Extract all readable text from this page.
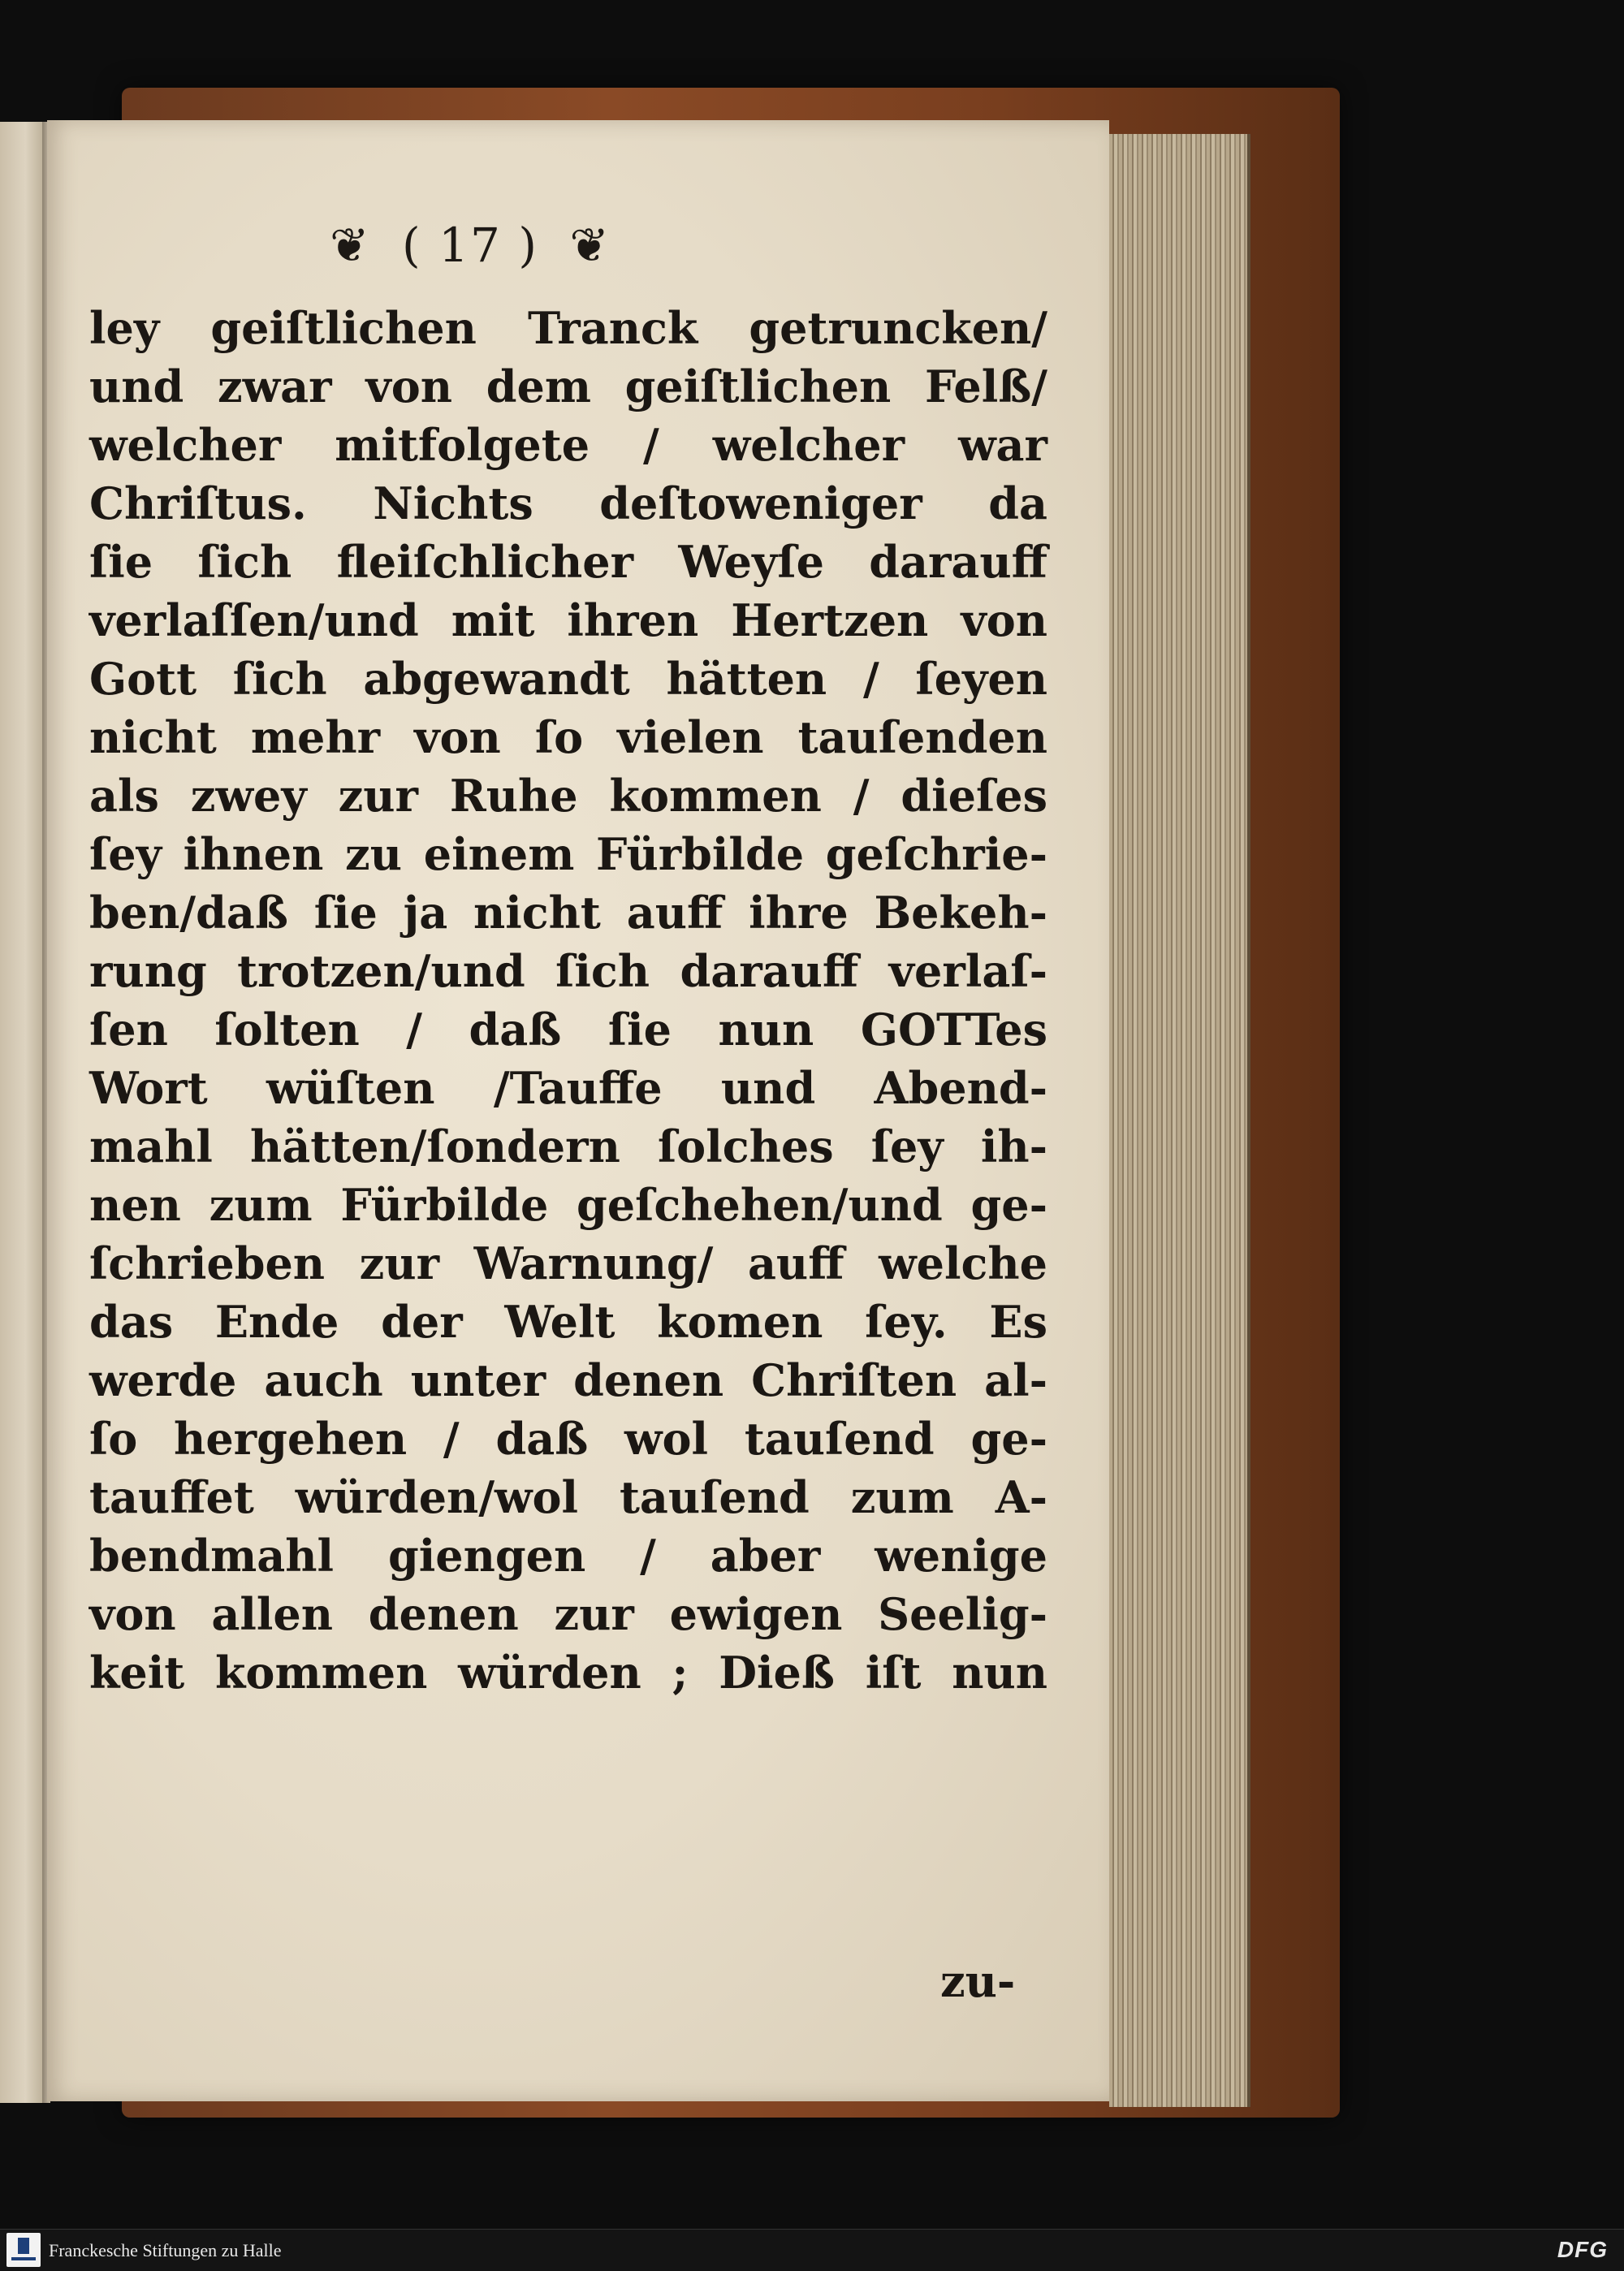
❦ ( 17 ) ❦
ley geiſtlichen Tranck getruncken/
und zwar von dem geiſtlichen Felß/
welcher mitfolgete / welcher war
Chriſtus. Nichts deſtoweniger da
ſie ſich fleiſchlicher Weyſe darauff
verlaſſen/und mit ihren Hertzen von
Gott ſich abgewandt hätten / ſeyen
nicht mehr von ſo vielen tauſenden
als zwey zur Ruhe kommen / dieſes
ſey ihnen zu einem Fürbilde geſchrie-
ben/daß ſie ja nicht auff ihre Bekeh-
rung trotzen/und ſich darauff verlaſ-
ſen ſolten / daß ſie nun GOTTes
Wort wüſten /Tauffe und Abend-
mahl hätten/ſondern ſolches ſey ih-
nen zum Fürbilde geſchehen/und ge-
ſchrieben zur Warnung/ auff welche
das Ende der Welt komen ſey. Es
werde auch unter denen Chriſten al-
ſo hergehen / daß wol tauſend ge-
tauffet würden/wol tauſend zum A-
bendmahl giengen / aber wenige
von allen denen zur ewigen Seelig-
keit kommen würden ; Dieß iſt nun
zu-
Franckesche Stiftungen zu Halle	DFG
